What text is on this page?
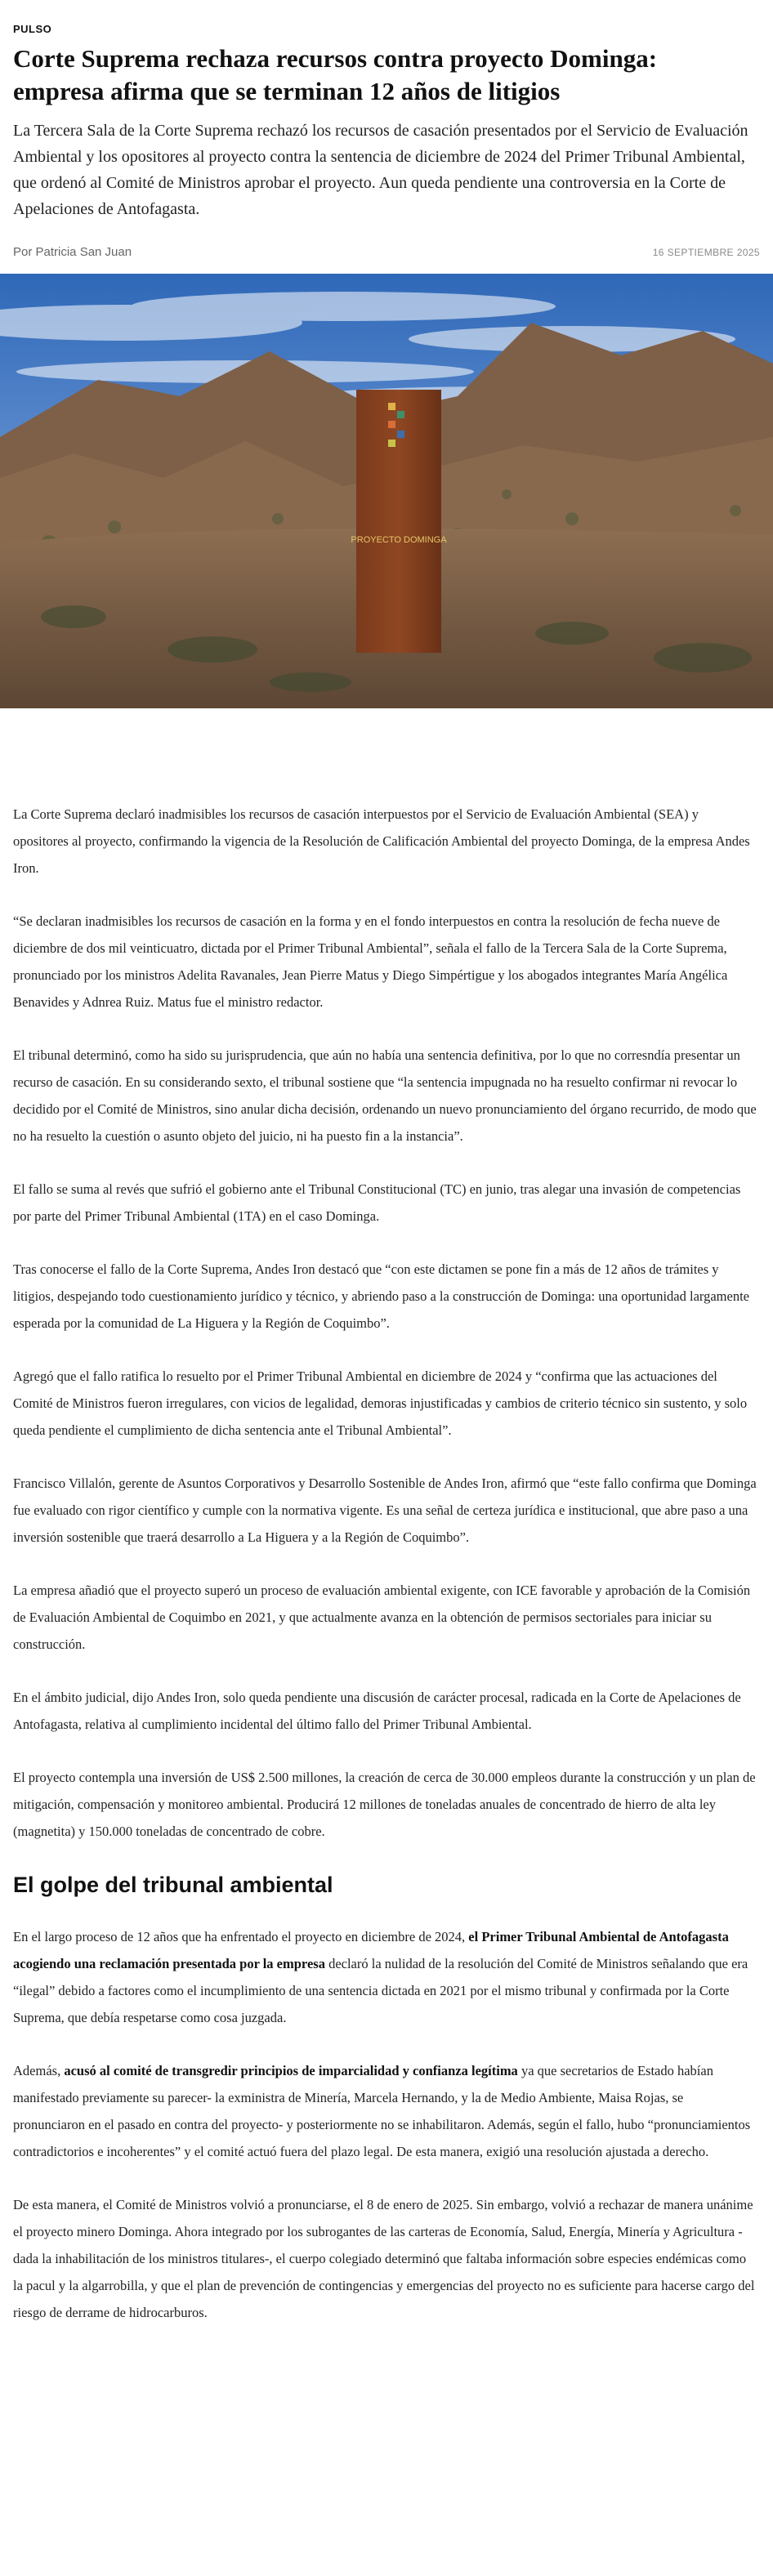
PULSO
Corte Suprema rechaza recursos contra proyecto Dominga: empresa afirma que se terminan 12 años de litigios

La Tercera Sala de la Corte Suprema rechazó los recursos de casación presentados por el Servicio de Evaluación Ambiental y los opositores al proyecto contra la sentencia de diciembre de 2024 del Primer Tribunal Ambiental, que ordenó al Comité de Ministros aprobar el proyecto. Aun queda pendiente una controversia en la Corte de Apelaciones de Antofagasta.

Por Patricia San Juan	16 SEPTIEMBRE 2025
PROYECTO DOMINGA

La Corte Suprema declaró inadmisibles los recursos de casación interpuestos por el Servicio de Evaluación Ambiental (SEA) y opositores al proyecto, confirmando la vigencia de la Resolución de Calificación Ambiental del proyecto Dominga, de la empresa Andes Iron.

“Se declaran inadmisibles los recursos de casación en la forma y en el fondo interpuestos en contra la resolución de fecha nueve de diciembre de dos mil veinticuatro, dictada por el Primer Tribunal Ambiental”, señala el fallo de la Tercera Sala de la Corte Suprema, pronunciado por los ministros Adelita Ravanales, Jean Pierre Matus y Diego Simpértigue y los abogados integrantes María Angélica Benavides y Adnrea Ruiz. Matus fue el ministro redactor.

El tribunal determinó, como ha sido su jurisprudencia, que aún no había una sentencia definitiva, por lo que no corresndía presentar un recurso de casación. En su considerando sexto, el tribunal sostiene que “la sentencia impugnada no ha resuelto confirmar ni revocar lo decidido por el Comité de Ministros, sino anular dicha decisión, ordenando un nuevo pronunciamiento del órgano recurrido, de modo que no ha resuelto la cuestión o asunto objeto del juicio, ni ha puesto fin a la instancia”.

El fallo se suma al revés que sufrió el gobierno ante el Tribunal Constitucional (TC) en junio, tras alegar una invasión de competencias por parte del Primer Tribunal Ambiental (1TA) en el caso Dominga.

Tras conocerse el fallo de la Corte Suprema, Andes Iron destacó que “con este dictamen se pone fin a más de 12 años de trámites y litigios, despejando todo cuestionamiento jurídico y técnico, y abriendo paso a la construcción de Dominga: una oportunidad largamente esperada por la comunidad de La Higuera y la Región de Coquimbo”.

Agregó que el fallo ratifica lo resuelto por el Primer Tribunal Ambiental en diciembre de 2024 y “confirma que las actuaciones del Comité de Ministros fueron irregulares, con vicios de legalidad, demoras injustificadas y cambios de criterio técnico sin sustento, y solo queda pendiente el cumplimiento de dicha sentencia ante el Tribunal Ambiental”.

Francisco Villalón, gerente de Asuntos Corporativos y Desarrollo Sostenible de Andes Iron, afirmó que “este fallo confirma que Dominga fue evaluado con rigor científico y cumple con la normativa vigente. Es una señal de certeza jurídica e institucional, que abre paso a una inversión sostenible que traerá desarrollo a La Higuera y a la Región de Coquimbo”.

La empresa añadió que el proyecto superó un proceso de evaluación ambiental exigente, con ICE favorable y aprobación de la Comisión de Evaluación Ambiental de Coquimbo en 2021, y que actualmente avanza en la obtención de permisos sectoriales para iniciar su construcción.

En el ámbito judicial, dijo Andes Iron, solo queda pendiente una discusión de carácter procesal, radicada en la Corte de Apelaciones de Antofagasta, relativa al cumplimiento incidental del último fallo del Primer Tribunal Ambiental.

El proyecto contempla una inversión de US$ 2.500 millones, la creación de cerca de 30.000 empleos durante la construcción y un plan de mitigación, compensación y monitoreo ambiental. Producirá 12 millones de toneladas anuales de concentrado de hierro de alta ley (magnetita) y 150.000 toneladas de concentrado de cobre.

El golpe del tribunal ambiental

En el largo proceso de 12 años que ha enfrentado el proyecto en diciembre de 2024, el Primer Tribunal Ambiental de Antofagasta acogiendo una reclamación presentada por la empresa declaró la nulidad de la resolución del Comité de Ministros señalando que era “ilegal” debido a factores como el incumplimiento de una sentencia dictada en 2021 por el mismo tribunal y confirmada por la Corte Suprema, que debía respetarse como cosa juzgada.

Además, acusó al comité de transgredir principios de imparcialidad y confianza legítima ya que secretarios de Estado habían manifestado previamente su parecer- la exministra de Minería, Marcela Hernando, y la de Medio Ambiente, Maisa Rojas, se pronunciaron en el pasado en contra del proyecto- y posteriormente no se inhabilitaron. Además, según el fallo, hubo “pronunciamientos contradictorios e incoherentes” y el comité actuó fuera del plazo legal. De esta manera, exigió una resolución ajustada a derecho.

De esta manera, el Comité de Ministros volvió a pronunciarse, el 8 de enero de 2025. Sin embargo, volvió a rechazar de manera unánime el proyecto minero Dominga. Ahora integrado por los subrogantes de las carteras de Economía, Salud, Energía, Minería y Agricultura -dada la inhabilitación de los ministros titulares-, el cuerpo colegiado determinó que faltaba información sobre especies endémicas como la pacul y la algarrobilla, y que el plan de prevención de contingencias y emergencias del proyecto no es suficiente para hacerse cargo del riesgo de derrame de hidrocarburos.
